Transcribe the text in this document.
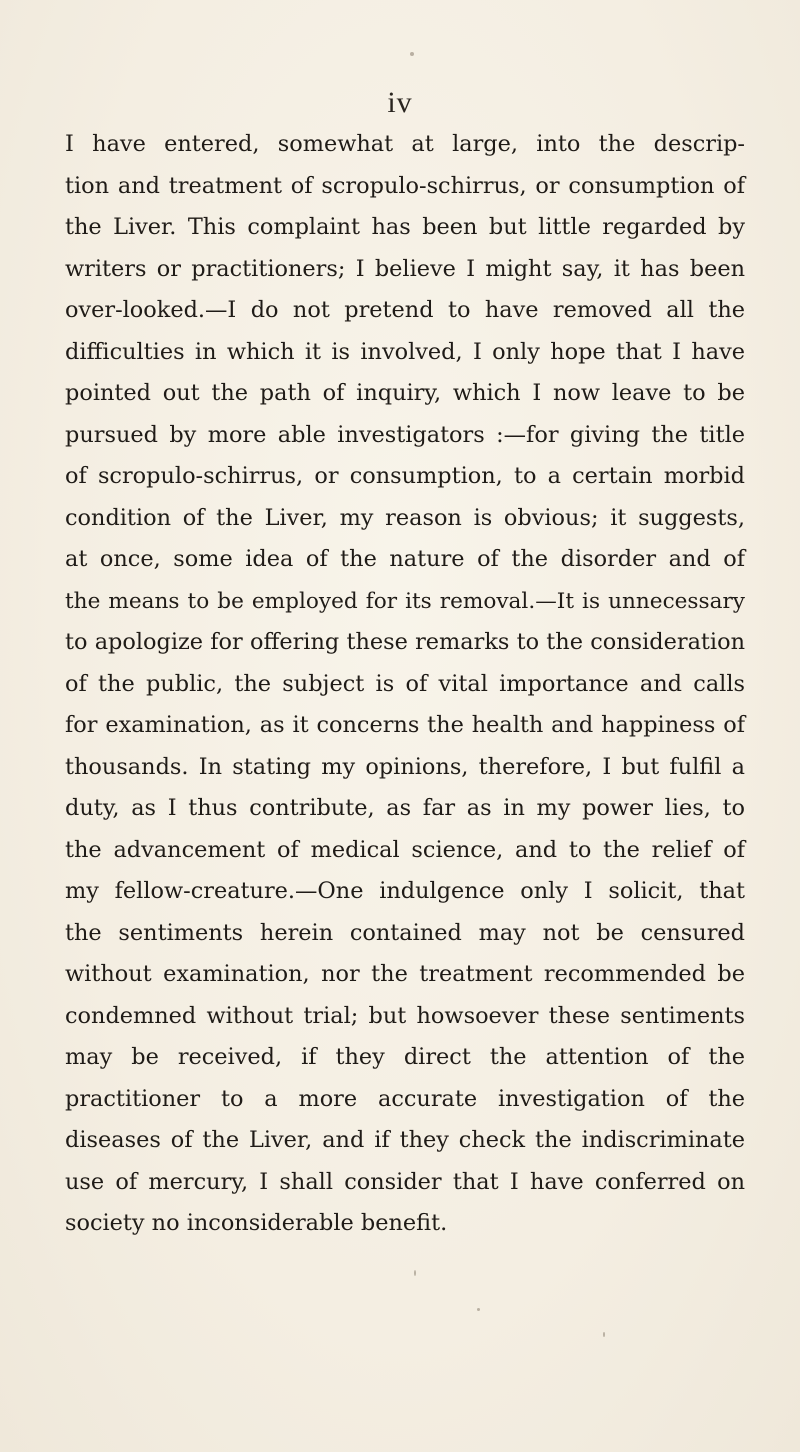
iv
I have entered, somewhat at large, into the descrip-
tion and treatment of scropulo-schirrus, or consumption of
the Liver. This complaint has been but little regarded by
writers or practitioners; I believe I might say, it has been
over-looked.—I do not pretend to have removed all the
difficulties in which it is involved, I only hope that I have
pointed out the path of inquiry, which I now leave to be
pursued by more able investigators :—for giving the title
of scropulo-schirrus, or consumption, to a certain morbid
condition of the Liver, my reason is obvious; it suggests,
at once, some idea of the nature of the disorder and of
the means to be employed for its removal.—It is unnecessary
to apologize for offering these remarks to the consideration
of the public, the subject is of vital importance and calls
for examination, as it concerns the health and happiness of
thousands. In stating my opinions, therefore, I but fulfil a
duty, as I thus contribute, as far as in my power lies, to
the advancement of medical science, and to the relief of
my fellow-creature.—One indulgence only I solicit, that
the sentiments herein contained may not be censured
without examination, nor the treatment recommended be
condemned without trial; but howsoever these sentiments
may be received, if they direct the attention of the
practitioner to a more accurate investigation of the
diseases of the Liver, and if they check the indiscriminate
use of mercury, I shall consider that I have conferred on
society no inconsiderable benefit.
